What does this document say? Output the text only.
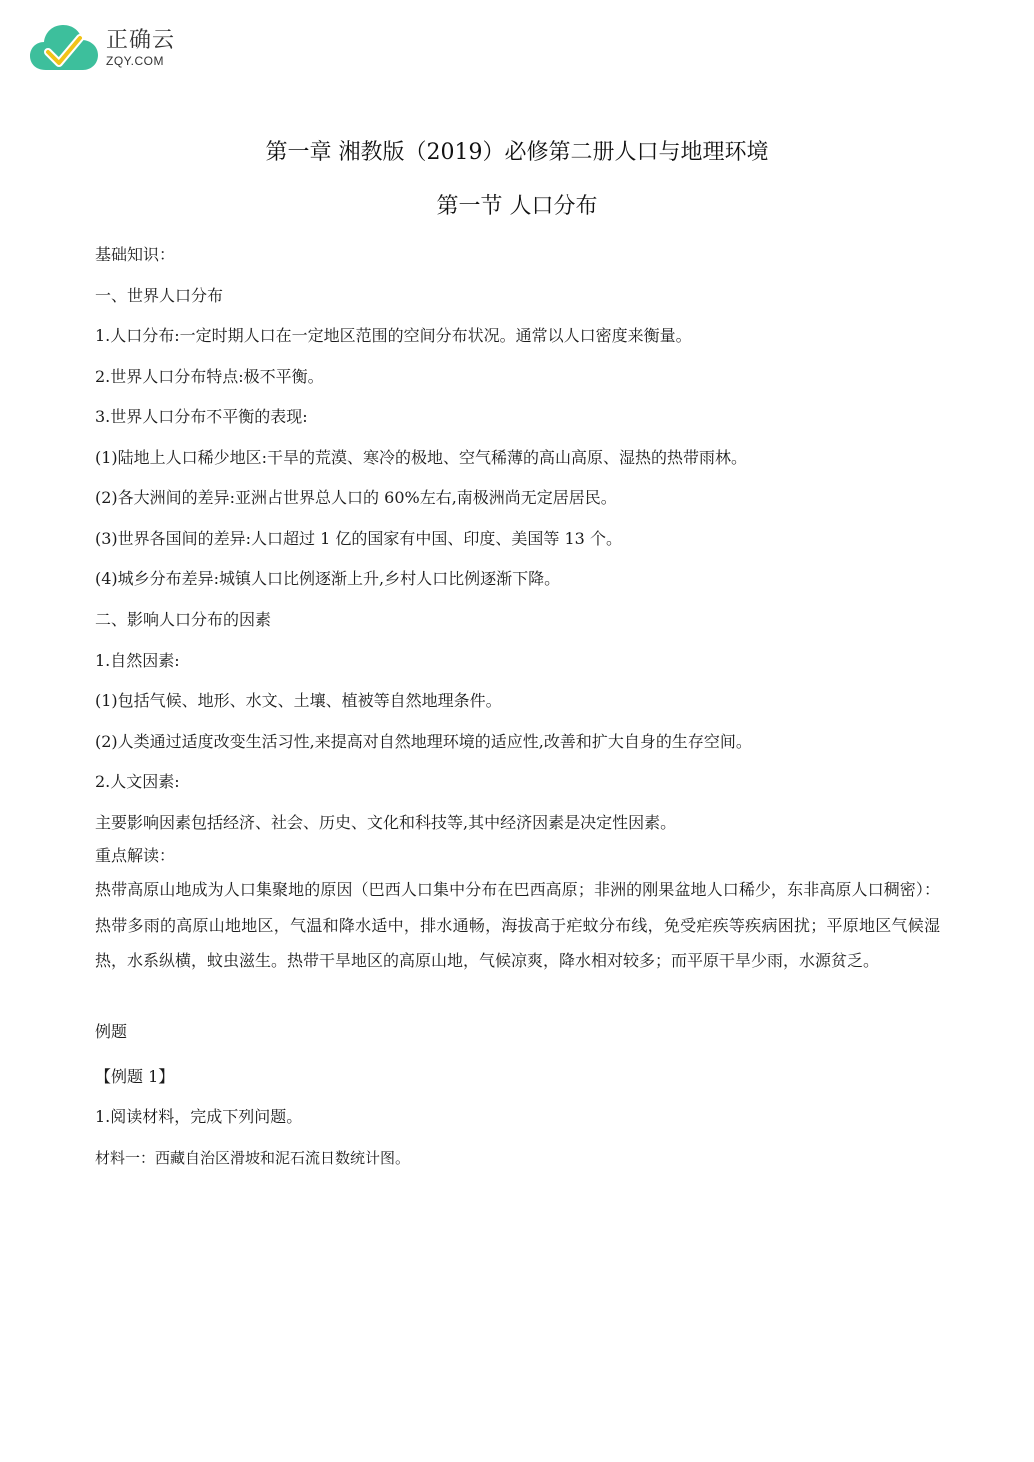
正确云
ZQY.COM
第一章 湘教版（2019）必修第二册人口与地理环境
第一节 人口分布
基础知识：
一、世界人口分布
1.人口分布:一定时期人口在一定地区范围的空间分布状况。通常以人口密度来衡量。
2.世界人口分布特点:极不平衡。
3.世界人口分布不平衡的表现:
(1)陆地上人口稀少地区:干旱的荒漠、寒冷的极地、空气稀薄的高山高原、湿热的热带雨林。
(2)各大洲间的差异:亚洲占世界总人口的 60%左右,南极洲尚无定居居民。
(3)世界各国间的差异:人口超过 1 亿的国家有中国、印度、美国等 13 个。
(4)城乡分布差异:城镇人口比例逐渐上升,乡村人口比例逐渐下降。
二、影响人口分布的因素
1.自然因素:
(1)包括气候、地形、水文、土壤、植被等自然地理条件。
(2)人类通过适度改变生活习性,来提高对自然地理环境的适应性,改善和扩大自身的生存空间。
2.人文因素:
主要影响因素包括经济、社会、历史、文化和科技等,其中经济因素是决定性因素。
重点解读：
热带高原山地成为人口集聚地的原因（巴西人口集中分布在巴西高原；非洲的刚果盆地人口稀少，东非高原人口稠密）：热带多雨的高原山地地区，气温和降水适中，排水通畅，海拔高于疟蚊分布线，免受疟疾等疾病困扰；平原地区气候湿热，水系纵横，蚊虫滋生。热带干旱地区的高原山地，气候凉爽，降水相对较多；而平原干旱少雨，水源贫乏。
例题
【例题 1】
1.阅读材料，完成下列问题。
材料一：西藏自治区滑坡和泥石流日数统计图。
